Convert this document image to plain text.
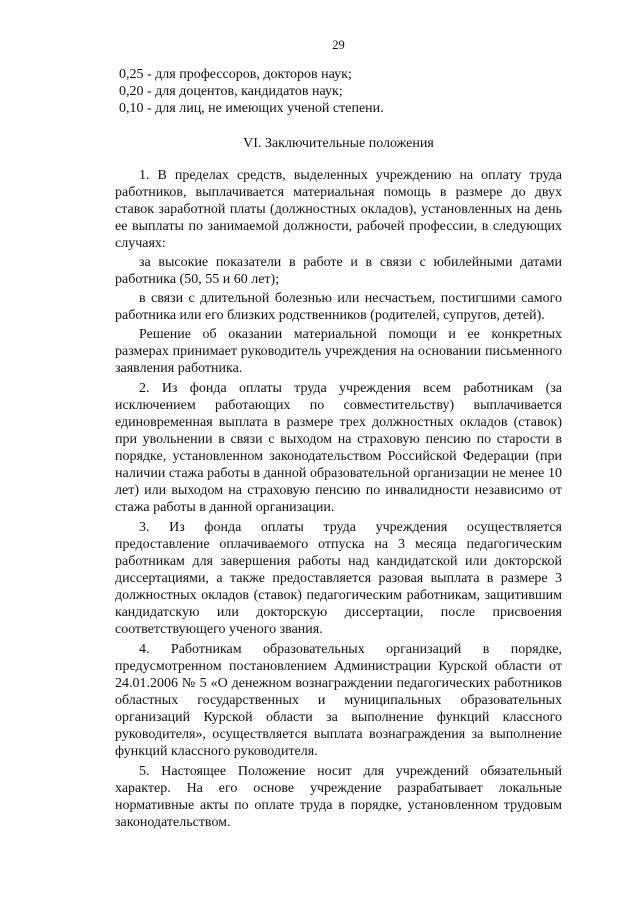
29
0,25 - для профессоров, докторов наук;
0,20 - для доцентов, кандидатов наук;
0,10 - для лиц, не имеющих ученой степени.
VI. Заключительные положения

1. В пределах средств, выделенных учреждению на оплату труда работников, выплачивается материальная помощь в размере до двух ставок заработной платы (должностных окладов), установленных на день ее выплаты по занимаемой должности, рабочей профессии, в следующих случаях:

за высокие показатели в работе и в связи с юбилейными датами работника (50, 55 и 60 лет);

в связи с длительной болезнью или несчастьем, постигшими самого работника или его близких родственников (родителей, супругов, детей).

Решение об оказании материальной помощи и ее конкретных размерах принимает руководитель учреждения на основании письменного заявления работника.

2. Из фонда оплаты труда учреждения всем работникам (за исключением работающих по совместительству) выплачивается единовременная выплата в размере трех должностных окладов (ставок) при увольнении в связи с выходом на страховую пенсию по старости в порядке, установленном законодательством Российской Федерации (при наличии стажа работы в данной образовательной организации не менее 10 лет) или выходом на страховую пенсию по инвалидности независимо от стажа работы в данной организации.

3. Из фонда оплаты труда учреждения осуществляется предоставление оплачиваемого отпуска на 3 месяца педагогическим работникам для завершения работы над кандидатской или докторской диссертациями, а также предоставляется разовая выплата в размере 3 должностных окладов (ставок) педагогическим работникам, защитившим кандидатскую или докторскую диссертации, после присвоения соответствующего ученого звания.

4. Работникам образовательных организаций в порядке, предусмотренном постановлением Администрации Курской области от 24.01.2006 № 5 «О денежном вознаграждении педагогических работников областных государственных и муниципальных образовательных организаций Курской области за выполнение функций классного руководителя», осуществляется выплата вознаграждения за выполнение функций классного руководителя.

5. Настоящее Положение носит для учреждений обязательный характер. На его основе учреждение разрабатывает локальные нормативные акты по оплате труда в порядке, установленном трудовым законодательством.
